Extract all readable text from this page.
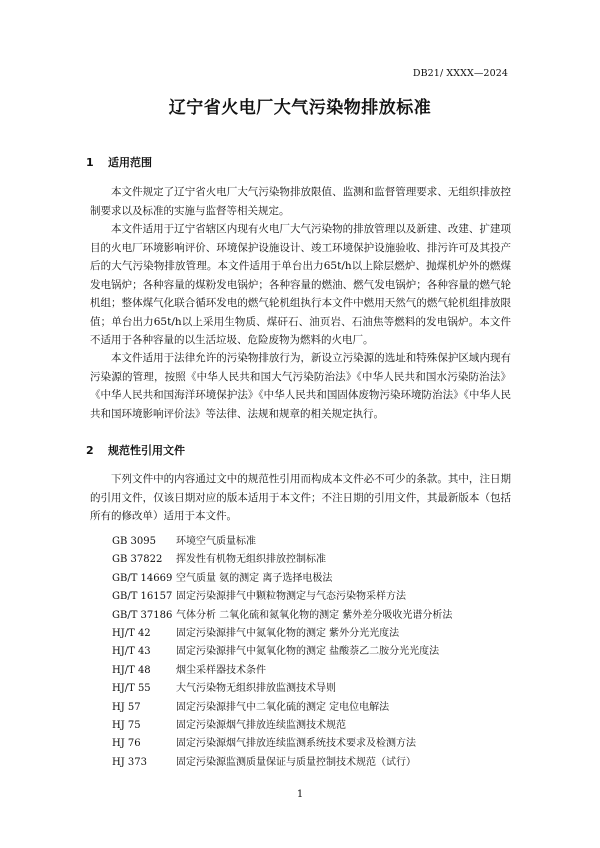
DB21/ XXXX—2024
辽宁省火电厂大气污染物排放标准
1 适用范围

本文件规定了辽宁省火电厂大气污染物排放限值、监测和监督管理要求、无组织排放控制要求以及标准的实施与监督等相关规定。

本文件适用于辽宁省辖区内现有火电厂大气污染物的排放管理以及新建、改建、扩建项目的火电厂环境影响评价、环境保护设施设计、竣工环境保护设施验收、排污许可及其投产后的大气污染物排放管理。本文件适用于单台出力65t/h以上除层燃炉、抛煤机炉外的燃煤发电锅炉；各种容量的煤粉发电锅炉；各种容量的燃油、燃气发电锅炉；各种容量的燃气轮机组；整体煤气化联合循环发电的燃气轮机组执行本文件中燃用天然气的燃气轮机组排放限值；单台出力65t/h以上采用生物质、煤矸石、油页岩、石油焦等燃料的发电锅炉。本文件不适用于各种容量的以生活垃圾、危险废物为燃料的火电厂。

本文件适用于法律允许的污染物排放行为，新设立污染源的选址和特殊保护区域内现有污染源的管理，按照《中华人民共和国大气污染防治法》《中华人民共和国水污染防治法》《中华人民共和国海洋环境保护法》《中华人民共和国固体废物污染环境防治法》《中华人民共和国环境影响评价法》等法律、法规和规章的相关规定执行。

2 规范性引用文件

下列文件中的内容通过文中的规范性引用而构成本文件必不可少的条款。其中，注日期的引用文件，仅该日期对应的版本适用于本文件；不注日期的引用文件，其最新版本（包括所有的修改单）适用于本文件。

GB 3095	环境空气质量标准
GB 37822	挥发性有机物无组织排放控制标准
GB/T 14669 空气质量 氨的测定 离子选择电极法
GB/T 16157 固定污染源排气中颗粒物测定与气态污染物采样方法
GB/T 37186 气体分析 二氧化硫和氮氧化物的测定 紫外差分吸收光谱分析法
HJ/T 42	固定污染源排气中氮氧化物的测定 紫外分光光度法
HJ/T 43	固定污染源排气中氮氧化物的测定 盐酸萘乙二胺分光光度法
HJ/T 48	烟尘采样器技术条件
HJ/T 55	大气污染物无组织排放监测技术导则
HJ 57	固定污染源排气中二氧化硫的测定 定电位电解法
HJ 75	固定污染源烟气排放连续监测技术规范
HJ 76	固定污染源烟气排放连续监测系统技术要求及检测方法
HJ 373	固定污染源监测质量保证与质量控制技术规范（试行）
1
